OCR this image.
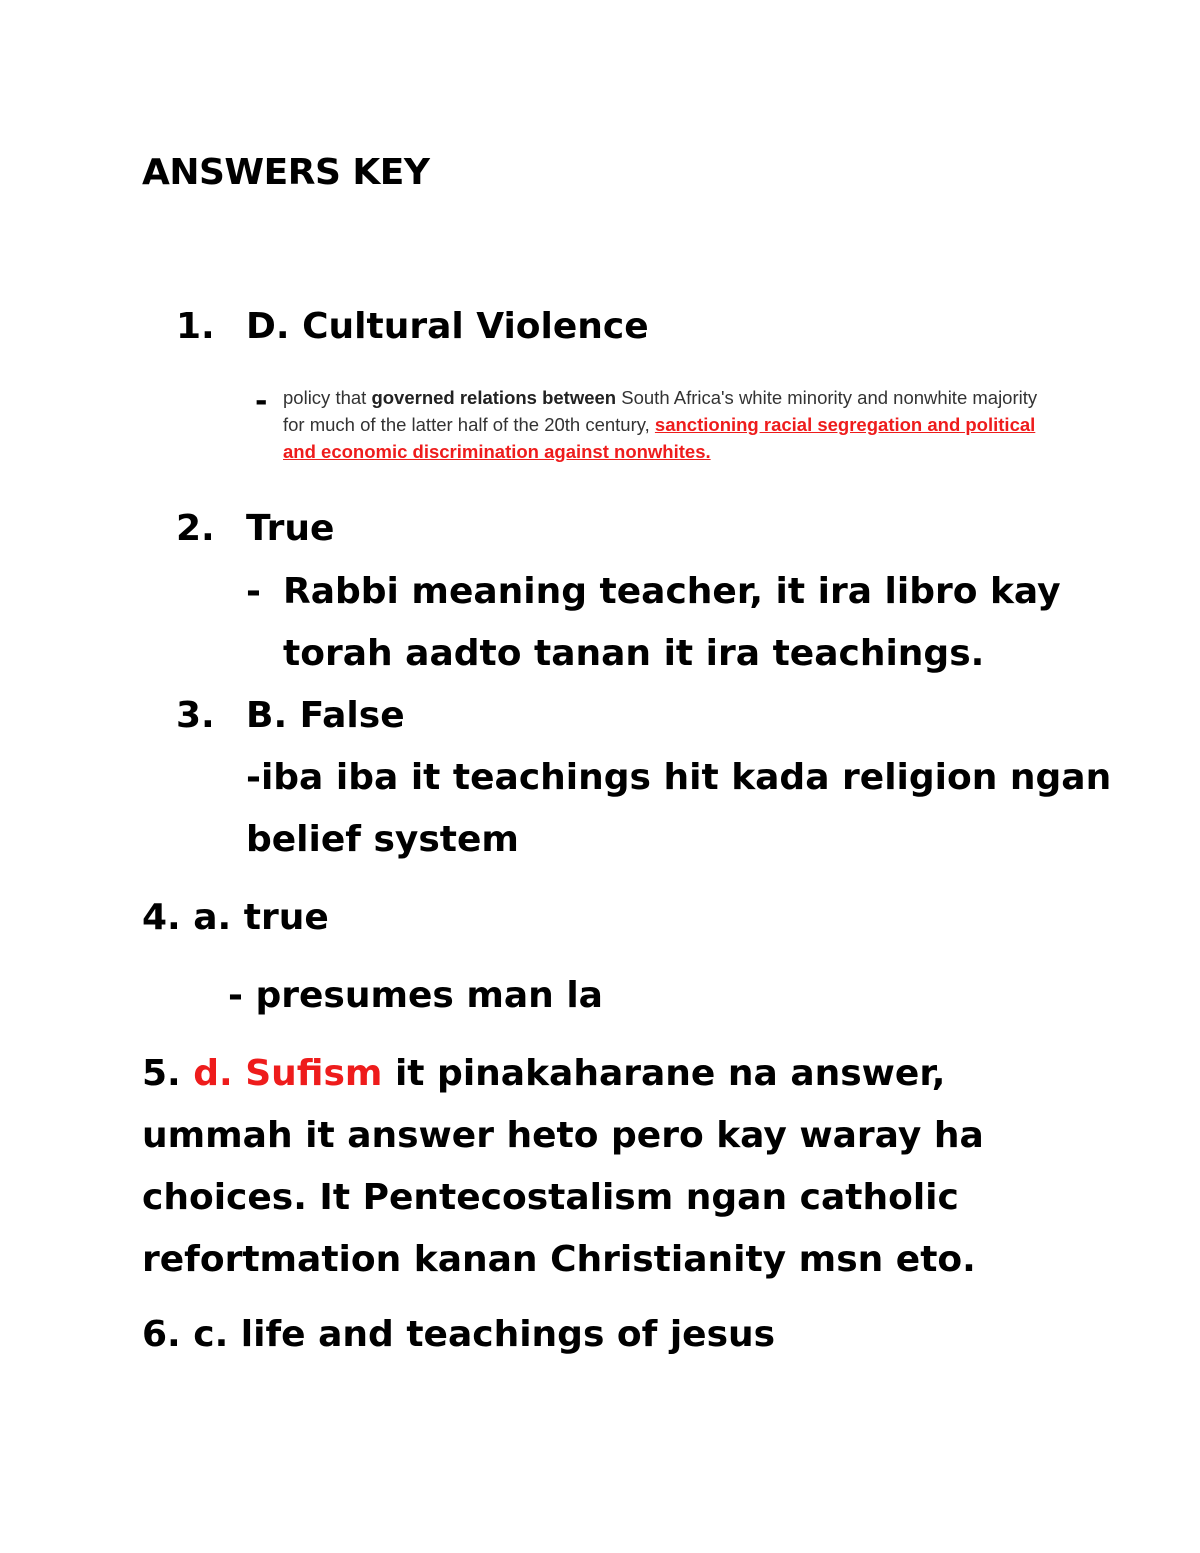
ANSWERS KEY
1. D. Cultural Violence
- policy that governed relations between South Africa's white minority and nonwhite majority for much of the latter half of the 20th century, sanctioning racial segregation and political and economic discrimination against nonwhites.
2. True
- Rabbi meaning teacher, it ira libro kay
torah aadto tanan it ira teachings.
3. B. False
-iba iba it teachings hit kada religion ngan
belief system
4. a. true
- presumes man la
5. d. Sufism it pinakaharane na answer,
ummah it answer heto pero kay waray ha
choices. It Pentecostalism ngan catholic
refortmation kanan Christianity msn eto.
6. c. life and teachings of jesus
